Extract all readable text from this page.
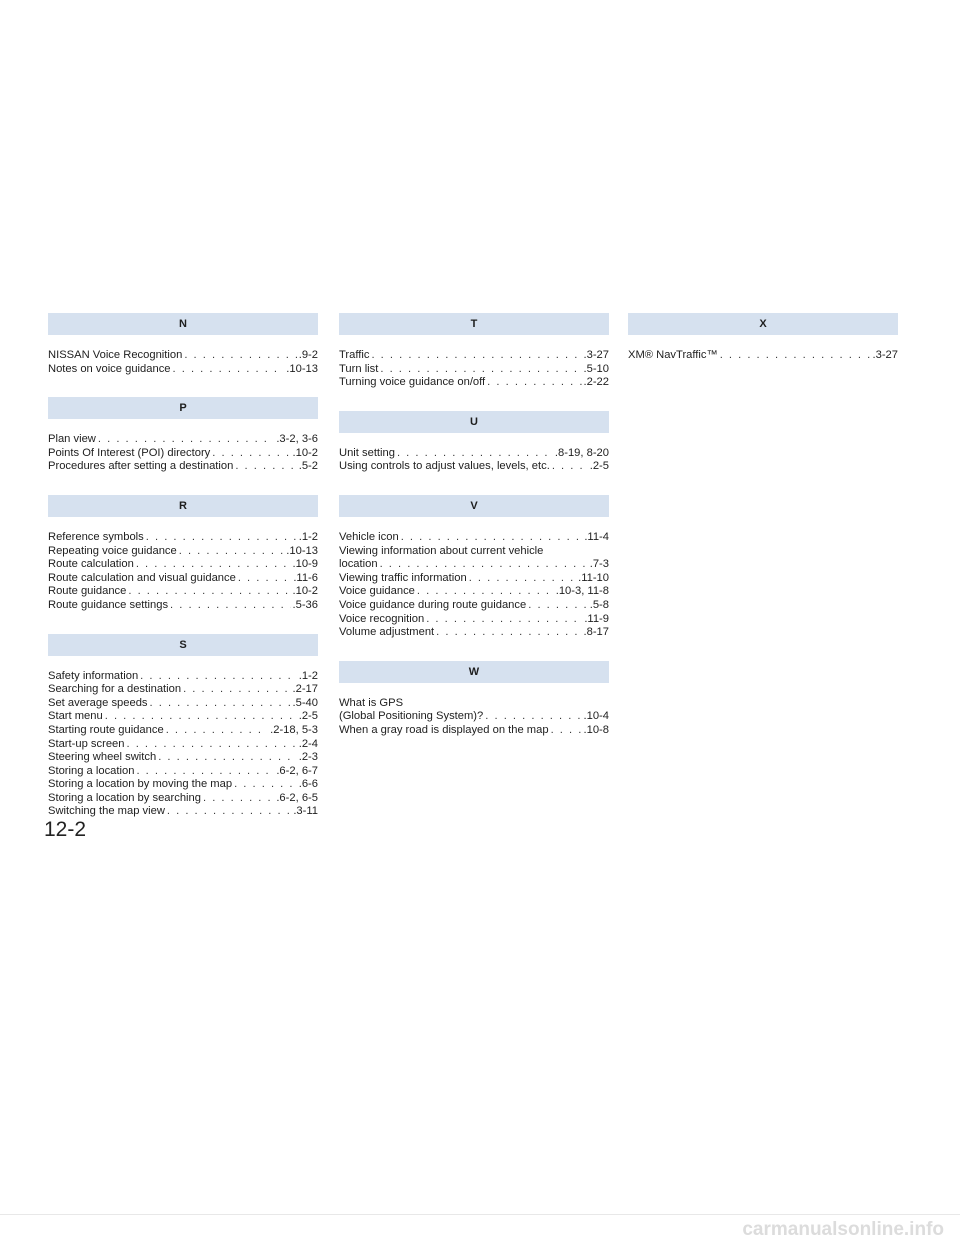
N
NISSAN Voice Recognition . . .	.9-2
Notes on voice guidance . . .	.10-13
P
Plan view . . .	.3-2, 3-6
Points Of Interest (POI) directory . . .	.10-2
Procedures after setting a destination . . .	.5-2
R
Reference symbols . . .	.1-2
Repeating voice guidance . . .	.10-13
Route calculation . . .	.10-9
Route calculation and visual guidance . . .	.11-6
Route guidance . . .	.10-2
Route guidance settings . . .	.5-36
S
Safety information . . .	.1-2
Searching for a destination . . .	.2-17
Set average speeds . . .	.5-40
Start menu . . .	.2-5
Starting route guidance . . .	.2-18, 5-3
Start-up screen . . .	.2-4
Steering wheel switch . . .	.2-3
Storing a location . . .	.6-2, 6-7
Storing a location by moving the map . . .	.6-6
Storing a location by searching . . .	.6-2, 6-5
Switching the map view . . .	.3-11
T
Traffic . . .	.3-27
Turn list . . .	.5-10
Turning voice guidance on/off . . .	.2-22
U
Unit setting . . .	.8-19, 8-20
Using controls to adjust values, levels, etc. . . .	.2-5
V
Vehicle icon . . .	.11-4
Viewing information about current vehicle
location . . .	.7-3
Viewing traffic information . . .	.11-10
Voice guidance . . .	.10-3, 11-8
Voice guidance during route guidance . . .	.5-8
Voice recognition . . .	.11-9
Volume adjustment . . .	.8-17
W
What is GPS
(Global Positioning System)? . . .	.10-4
When a gray road is displayed on the map . . .	.10-8
X
XM® NavTraffic™ . . .	.3-27
12-2
carmanualsonline.info
